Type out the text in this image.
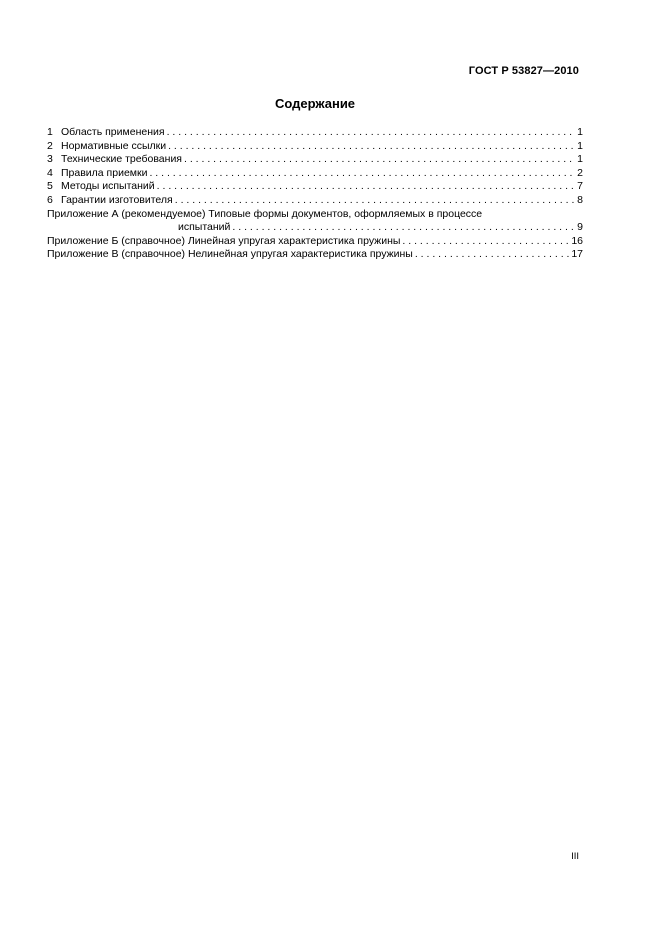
ГОСТ Р 53827—2010
Содержание
1 Область применения . . .	1
2 Нормативные ссылки . . .	1
3 Технические требования . . .	1
4 Правила приемки . . .	2
5 Методы испытаний . . .	7
6 Гарантии изготовителя . . .	8
Приложение А (рекомендуемое) Типовые формы документов, оформляемых в процессе
испытаний . . .	9
Приложение Б (справочное) Линейная упругая характеристика пружины . . .	16
Приложение В (справочное) Нелинейная упругая характеристика пружины . . .	17
III
